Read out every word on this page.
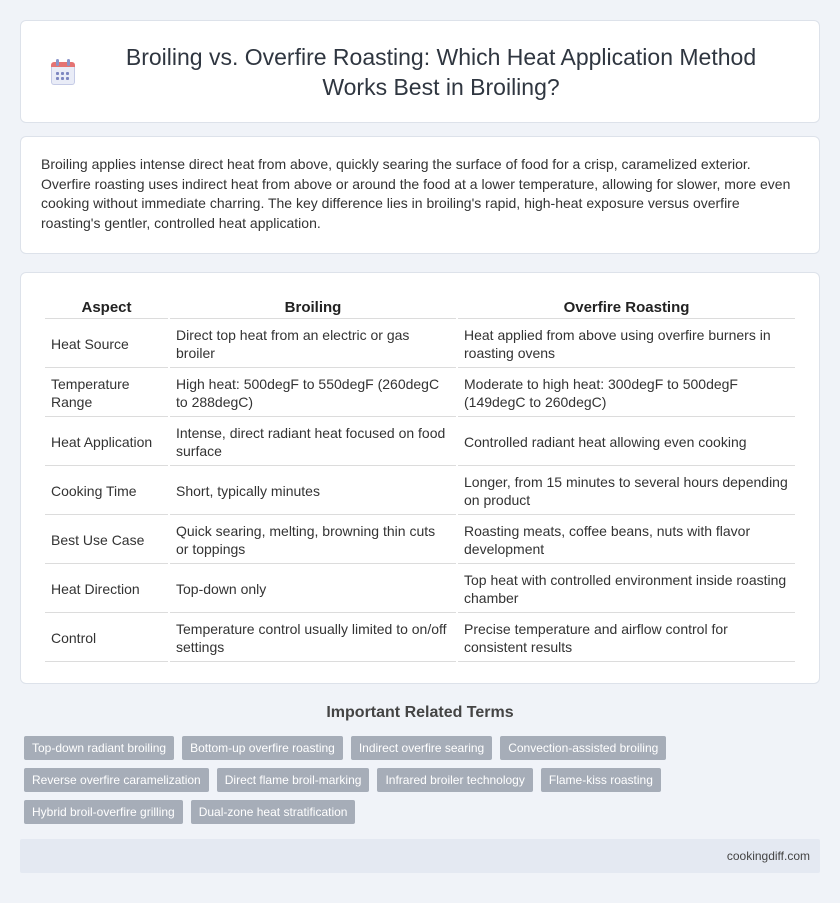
Broiling vs. Overfire Roasting: Which Heat Application Method Works Best in Broiling?

Broiling applies intense direct heat from above, quickly searing the surface of food for a crisp, caramelized exterior. Overfire roasting uses indirect heat from above or around the food at a lower temperature, allowing for slower, more even cooking without immediate charring. The key difference lies in broiling's rapid, high-heat exposure versus overfire roasting's gentler, controlled heat application.

Aspect	Broiling	Overfire Roasting
Heat Source	Direct top heat from an electric or gas broiler	Heat applied from above using overfire burners in roasting ovens
Temperature Range	High heat: 500degF to 550degF (260degC to 288degC)	Moderate to high heat: 300degF to 500degF (149degC to 260degC)
Heat Application	Intense, direct radiant heat focused on food surface	Controlled radiant heat allowing even cooking
Cooking Time	Short, typically minutes	Longer, from 15 minutes to several hours depending on product
Best Use Case	Quick searing, melting, browning thin cuts or toppings	Roasting meats, coffee beans, nuts with flavor development
Heat Direction	Top-down only	Top heat with controlled environment inside roasting chamber
Control	Temperature control usually limited to on/off settings	Precise temperature and airflow control for consistent results
Important Related Terms
Top-down radiant broiling	Bottom-up overfire roasting	Indirect overfire searing	Convection-assisted broiling
Reverse overfire caramelization	Direct flame broil-marking	Infrared broiler technology	Flame-kiss roasting
Hybrid broil-overfire grilling	Dual-zone heat stratification
cookingdiff.com
